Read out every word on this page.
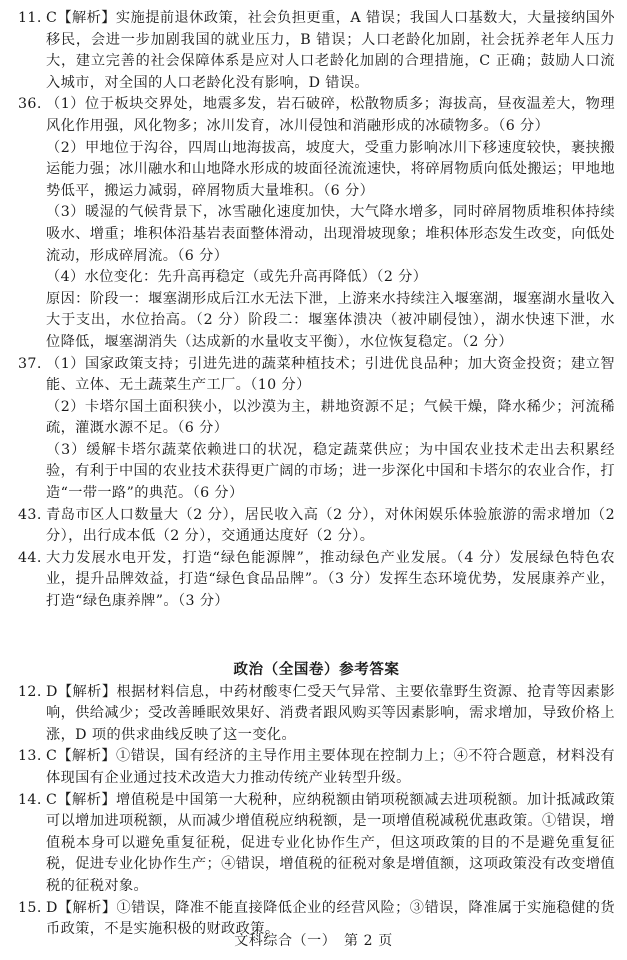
11. C【解析】实施提前退休政策，社会负担更重，A 错误；我国人口基数大，大量接纳国外移民，会进一步加剧我国的就业压力，B 错误；人口老龄化加剧，社会抚养老年人压力大，建立完善的社会保障体系是应对人口老龄化加剧的合理措施，C 正确；鼓励人口流入城市，对全国的人口老龄化没有影响，D 错误。
36. （1）位于板块交界处，地震多发，岩石破碎，松散物质多；海拔高，昼夜温差大，物理风化作用强，风化物多；冰川发育，冰川侵蚀和消融形成的冰碛物多。（6 分）
（2）甲地位于沟谷，四周山地海拔高，坡度大，受重力影响冰川下移速度较快，裹挟搬运能力强；冰川融水和山地降水形成的坡面径流流速快，将碎屑物质向低处搬运；甲地地势低平，搬运力减弱，碎屑物质大量堆积。（6 分）
（3）暖湿的气候背景下，冰雪融化速度加快，大气降水增多，同时碎屑物质堆积体持续吸水、增重；堆积体沿基岩表面整体滑动，出现滑坡现象；堆积体形态发生改变，向低处流动，形成碎屑流。（6 分）
（4）水位变化：先升高再稳定（或先升高再降低）（2 分）
原因：阶段一：堰塞湖形成后江水无法下泄，上游来水持续注入堰塞湖，堰塞湖水量收入大于支出，水位抬高。（2 分）阶段二：堰塞体溃决（被冲刷侵蚀），湖水快速下泄，水位降低，堰塞湖消失（达成新的水量收支平衡），水位恢复稳定。（2 分）
37. （1）国家政策支持；引进先进的蔬菜种植技术；引进优良品种；加大资金投资；建立智能、立体、无土蔬菜生产工厂。（10 分）
（2）卡塔尔国土面积狭小，以沙漠为主，耕地资源不足；气候干燥，降水稀少；河流稀疏，灌溉水源不足。（6 分）
（3）缓解卡塔尔蔬菜依赖进口的状况，稳定蔬菜供应；为中国农业技术走出去积累经验，有利于中国的农业技术获得更广阔的市场；进一步深化中国和卡塔尔的农业合作，打造“一带一路”的典范。（6 分）
43. 青岛市区人口数量大（2 分），居民收入高（2 分），对休闲娱乐体验旅游的需求增加（2 分），出行成本低（2 分），交通通达度好（2 分）。
44. 大力发展水电开发，打造“绿色能源牌”，推动绿色产业发展。（4 分）发展绿色特色农业，提升品牌效益，打造“绿色食品品牌”。（3 分）发挥生态环境优势，发展康养产业，打造“绿色康养牌”。（3 分）
政治（全国卷）参考答案
12. D【解析】根据材料信息，中药材酸枣仁受天气异常、主要依靠野生资源、抢青等因素影响，供给减少；受改善睡眠效果好、消费者跟风购买等因素影响，需求增加，导致价格上涨，D 项的供求曲线反映了这一变化。
13. C【解析】①错误，国有经济的主导作用主要体现在控制力上；④不符合题意，材料没有体现国有企业通过技术改造大力推动传统产业转型升级。
14. C【解析】增值税是中国第一大税种，应纳税额由销项税额减去进项税额。加计抵减政策可以增加进项税额，从而减少增值税应纳税额，是一项增值税减税优惠政策。①错误，增值税本身可以避免重复征税，促进专业化协作生产，但这项政策的目的不是避免重复征税，促进专业化协作生产；④错误，增值税的征税对象是增值额，这项政策没有改变增值税的征税对象。
15. D【解析】①错误，降准不能直接降低企业的经营风险；③错误，降准属于实施稳健的货币政策，不是实施积极的财政政策。
文科综合（一）　第 2 页
